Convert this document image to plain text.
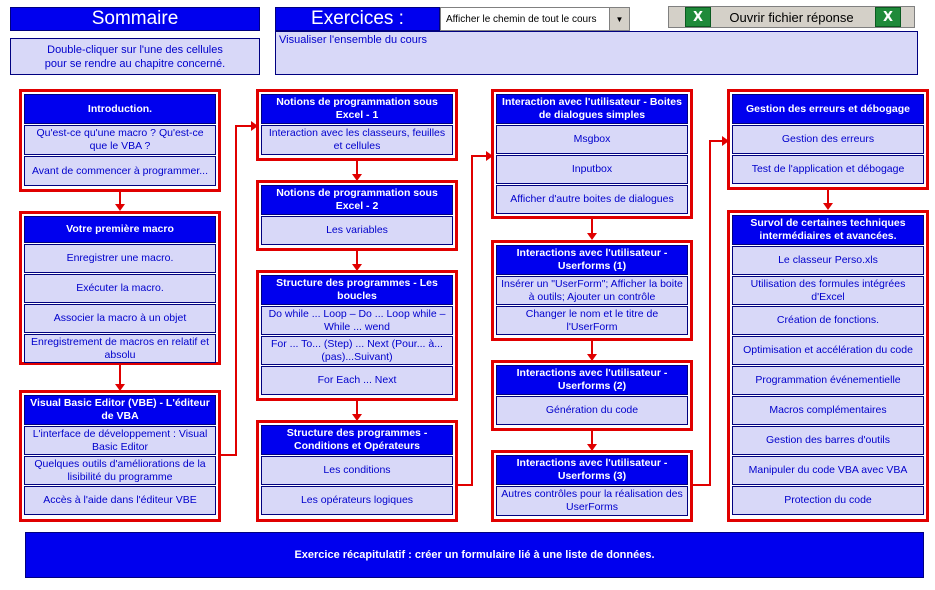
Sommaire
Double-cliquer sur l'une des cellules pour se rendre au chapitre concerné.
Exercices :	Afficher le chemin de tout le cours	▼
Visualiser l'ensemble du cours
X	Ouvrir fichier réponse	X
Introduction.
Qu'est-ce qu'une macro ? Qu'est-ce que le VBA ?
Avant de commencer à programmer...
Votre première macro
Enregistrer une macro.
Exécuter la macro.
Associer la macro à un objet
Enregistrement de macros en relatif et absolu
Visual Basic Editor (VBE) - L'éditeur de VBA
L'interface de développement : Visual Basic Editor
Quelques outils d'améliorations de la lisibilité du programme
Accès à l'aide dans l'éditeur VBE
Notions de programmation sous Excel - 1
Interaction avec les classeurs, feuilles et cellules
Notions de programmation sous Excel - 2
Les variables
Structure des programmes - Les boucles
Do while ... Loop – Do ... Loop while – While ... wend
For ... To... (Step) ... Next (Pour... à...(pas)...Suivant)
For Each ... Next
Structure des programmes - Conditions et Opérateurs
Les conditions
Les opérateurs logiques
Interaction avec l'utilisateur - Boites de dialogues simples
Msgbox
Inputbox
Afficher d'autre boites de dialogues
Interactions avec l'utilisateur - Userforms (1)
Insérer un "UserForm"; Afficher la boite à outils; Ajouter un contrôle
Changer le nom et le titre de l'UserForm
Interactions avec l'utilisateur - Userforms (2)
Génération du code
Interactions avec l'utilisateur - Userforms (3)
Autres contrôles pour la réalisation des UserForms
Gestion des erreurs et débogage
Gestion des erreurs
Test de l'application et débogage
Survol de certaines techniques intermédiaires et avancées.
Le classeur Perso.xls
Utilisation des formules intégrées d'Excel
Création de fonctions.
Optimisation et accélération du code
Programmation événementielle
Macros complémentaires
Gestion des barres d'outils
Manipuler du code VBA avec VBA
Protection du code
Exercice récapitulatif : créer un formulaire lié à une liste de données.
